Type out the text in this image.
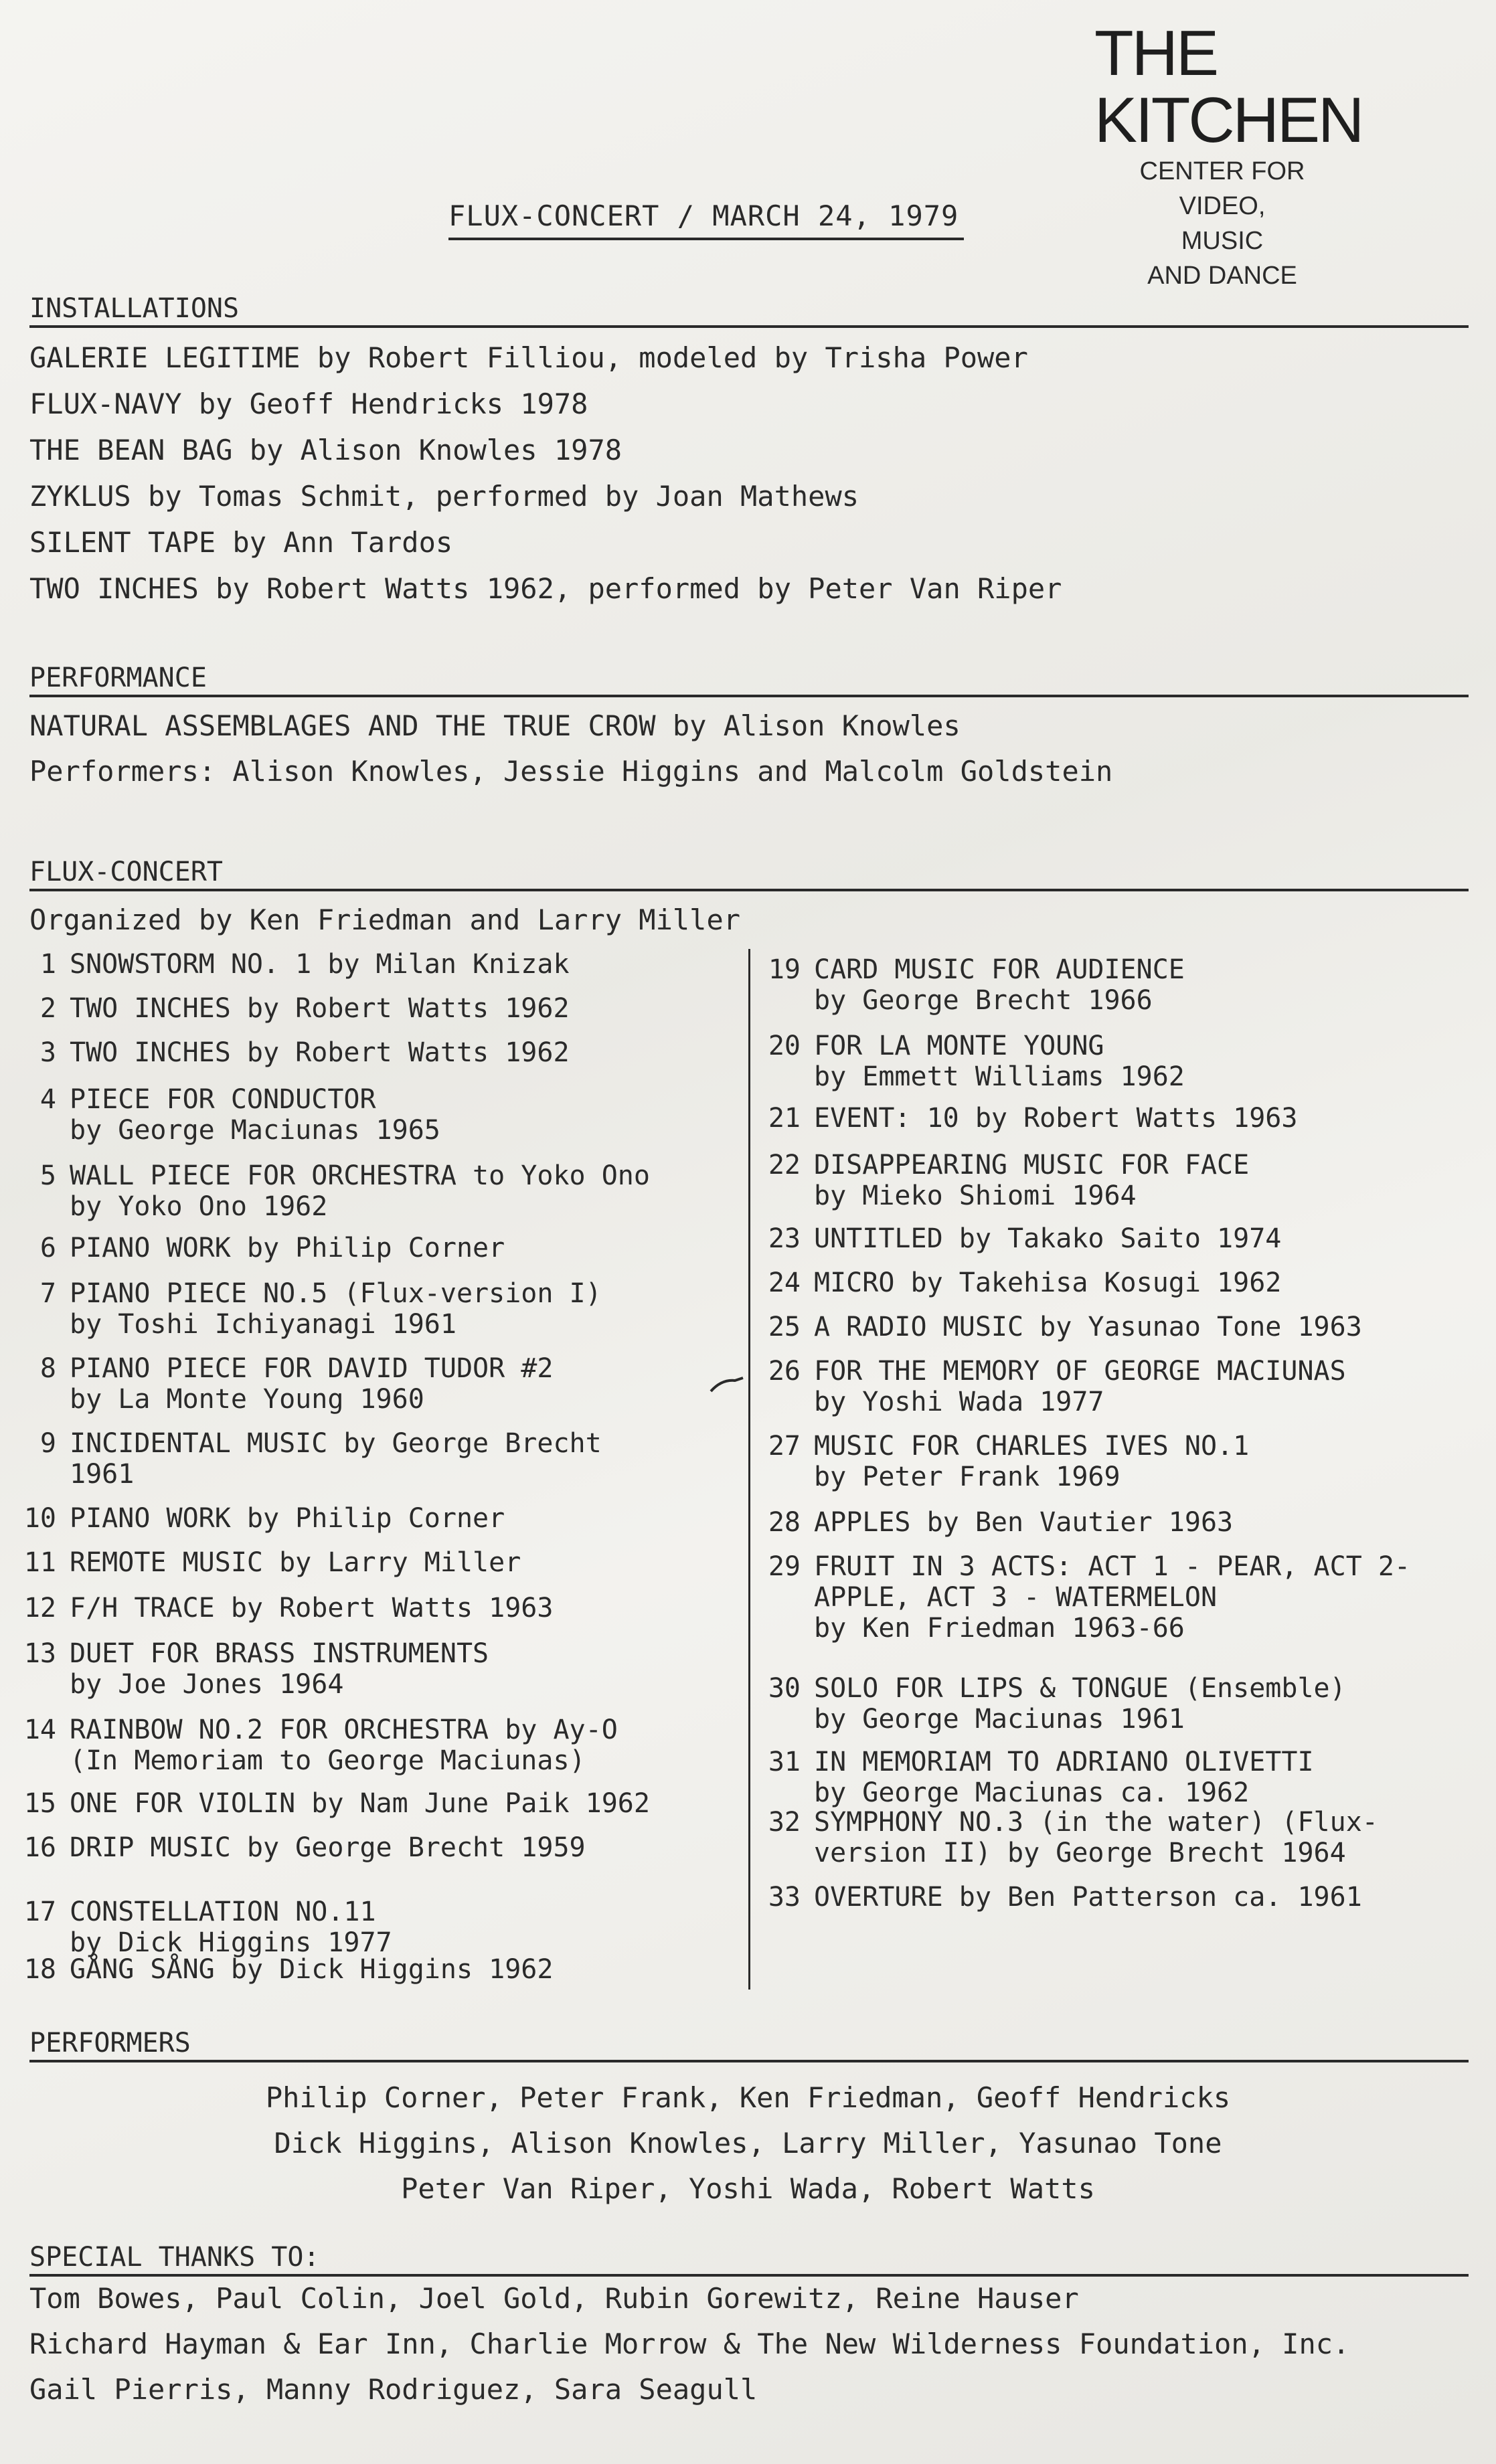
THE KITCHEN
CENTER FOR
VIDEO, MUSIC
AND DANCE
FLUX-CONCERT / MARCH 24, 1979
INSTALLATIONS
GALERIE LEGITIME by Robert Filliou, modeled by Trisha Power
FLUX-NAVY by Geoff Hendricks 1978
THE BEAN BAG by Alison Knowles 1978
ZYKLUS by Tomas Schmit, performed by Joan Mathews
SILENT TAPE by Ann Tardos
TWO INCHES by Robert Watts 1962, performed by Peter Van Riper
PERFORMANCE
NATURAL ASSEMBLAGES AND THE TRUE CROW by Alison Knowles
Performers: Alison Knowles, Jessie Higgins and Malcolm Goldstein
FLUX-CONCERT
Organized by Ken Friedman and Larry Miller
1 SNOWSTORM NO. 1 by Milan Knizak
2 TWO INCHES by Robert Watts 1962
3 TWO INCHES by Robert Watts 1962
4 PIECE FOR CONDUCTOR
by George Maciunas 1965
5 WALL PIECE FOR ORCHESTRA to Yoko Ono
by Yoko Ono 1962
6 PIANO WORK by Philip Corner
7 PIANO PIECE NO.5 (Flux-version I)
by Toshi Ichiyanagi 1961
8 PIANO PIECE FOR DAVID TUDOR #2
by La Monte Young 1960
9 INCIDENTAL MUSIC by George Brecht
1961
10 PIANO WORK by Philip Corner
11 REMOTE MUSIC by Larry Miller
12 F/H TRACE by Robert Watts 1963
13 DUET FOR BRASS INSTRUMENTS
by Joe Jones 1964
14 RAINBOW NO.2 FOR ORCHESTRA by Ay-O
(In Memoriam to George Maciunas)
15 ONE FOR VIOLIN by Nam June Paik 1962
16 DRIP MUSIC by George Brecht 1959
17 CONSTELLATION NO.11
by Dick Higgins 1977
18 GÅNG SÅNG by Dick Higgins 1962
19 CARD MUSIC FOR AUDIENCE
by George Brecht 1966
20 FOR LA MONTE YOUNG
by Emmett Williams 1962
21 EVENT: 10 by Robert Watts 1963
22 DISAPPEARING MUSIC FOR FACE
by Mieko Shiomi 1964
23 UNTITLED by Takako Saito 1974
24 MICRO by Takehisa Kosugi 1962
25 A RADIO MUSIC by Yasunao Tone 1963
26 FOR THE MEMORY OF GEORGE MACIUNAS
by Yoshi Wada 1977
27 MUSIC FOR CHARLES IVES NO.1
by Peter Frank 1969
28 APPLES by Ben Vautier 1963
29 FRUIT IN 3 ACTS: ACT 1 - PEAR, ACT 2-
APPLE, ACT 3 - WATERMELON
by Ken Friedman 1963-66
30 SOLO FOR LIPS & TONGUE (Ensemble)
by George Maciunas 1961
31 IN MEMORIAM TO ADRIANO OLIVETTI
by George Maciunas ca. 1962
32 SYMPHONY NO.3 (in the water) (Flux-
version II) by George Brecht 1964
33 OVERTURE by Ben Patterson ca. 1961
PERFORMERS
Philip Corner, Peter Frank, Ken Friedman, Geoff Hendricks
Dick Higgins, Alison Knowles, Larry Miller, Yasunao Tone
Peter Van Riper, Yoshi Wada, Robert Watts
SPECIAL THANKS TO:
Tom Bowes, Paul Colin, Joel Gold, Rubin Gorewitz, Reine Hauser
Richard Hayman & Ear Inn, Charlie Morrow & The New Wilderness Foundation, Inc.
Gail Pierris, Manny Rodriguez, Sara Seagull
